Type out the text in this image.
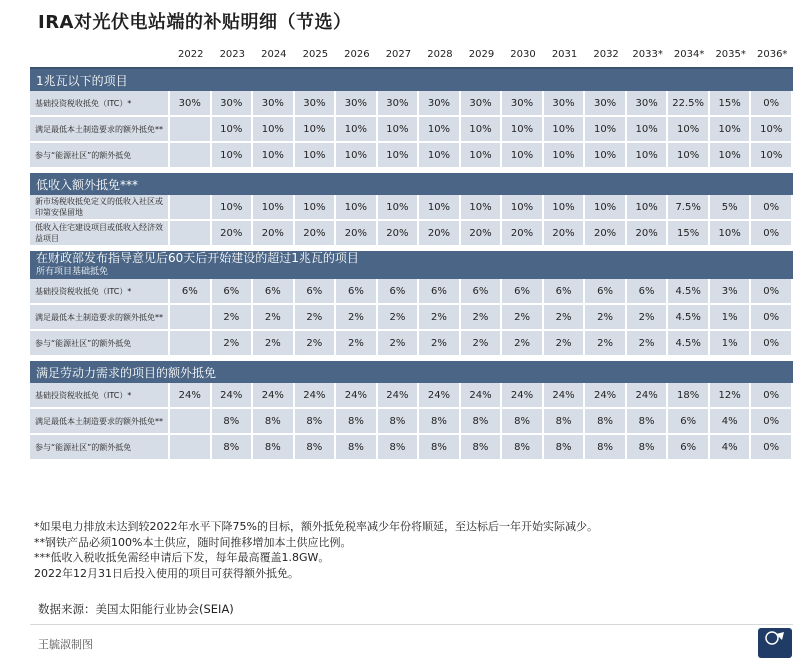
IRA对光伏电站端的补贴明细（节选）
	2022	2023	2024	2025	2026	2027	2028	2029	2030	2031	2032	2033*	2034*	2035*	2036*
1兆瓦以下的项目															
基础投资税收抵免（ITC）*	30%	30%	30%	30%	30%	30%	30%	30%	30%	30%	30%	30%	22.5%	15%	0%
满足最低本土制造要求的额外抵免**		10%	10%	10%	10%	10%	10%	10%	10%	10%	10%	10%	10%	10%	10%
参与“能源社区”的额外抵免		10%	10%	10%	10%	10%	10%	10%	10%	10%	10%	10%	10%	10%	10%

低收入额外抵免***															
新市场税收抵免定义的低收入社区或印第安保留地		10%	10%	10%	10%	10%	10%	10%	10%	10%	10%	10%	7.5%	5%	0%
低收入住宅建设项目或低收入经济效益项目		20%	20%	20%	20%	20%	20%	20%	20%	20%	20%	20%	15%	10%	0%

在财政部发布指导意见后60天后开始建设的超过1兆瓦的项目
所有项目基础抵免															

基础投资税收抵免（ITC）*	6%	6%	6%	6%	6%	6%	6%	6%	6%	6%	6%	6%	4.5%	3%	0%
满足最低本土制造要求的额外抵免**		2%	2%	2%	2%	2%	2%	2%	2%	2%	2%	2%	4.5%	1%	0%
参与“能源社区”的额外抵免		2%	2%	2%	2%	2%	2%	2%	2%	2%	2%	2%	4.5%	1%	0%

满足劳动力需求的项目的额外抵免															
基础投资税收抵免（ITC）*	24%	24%	24%	24%	24%	24%	24%	24%	24%	24%	24%	24%	18%	12%	0%
满足最低本土制造要求的额外抵免**		8%	8%	8%	8%	8%	8%	8%	8%	8%	8%	8%	6%	4%	0%
参与“能源社区”的额外抵免		8%	8%	8%	8%	8%	8%	8%	8%	8%	8%	8%	6%	4%	0%
*如果电力排放未达到较2022年水平下降75%的目标，额外抵免税率减少年份将顺延，至达标后一年开始实际减少。
**钢铁产品必须100%本土供应，随时间推移增加本土供应比例。
***低收入税收抵免需经申请后下发，每年最高覆盖1.8GW。
2022年12月31日后投入使用的项目可获得额外抵免。
数据来源：美国太阳能行业协会(SEIA)
王毓淑制图
